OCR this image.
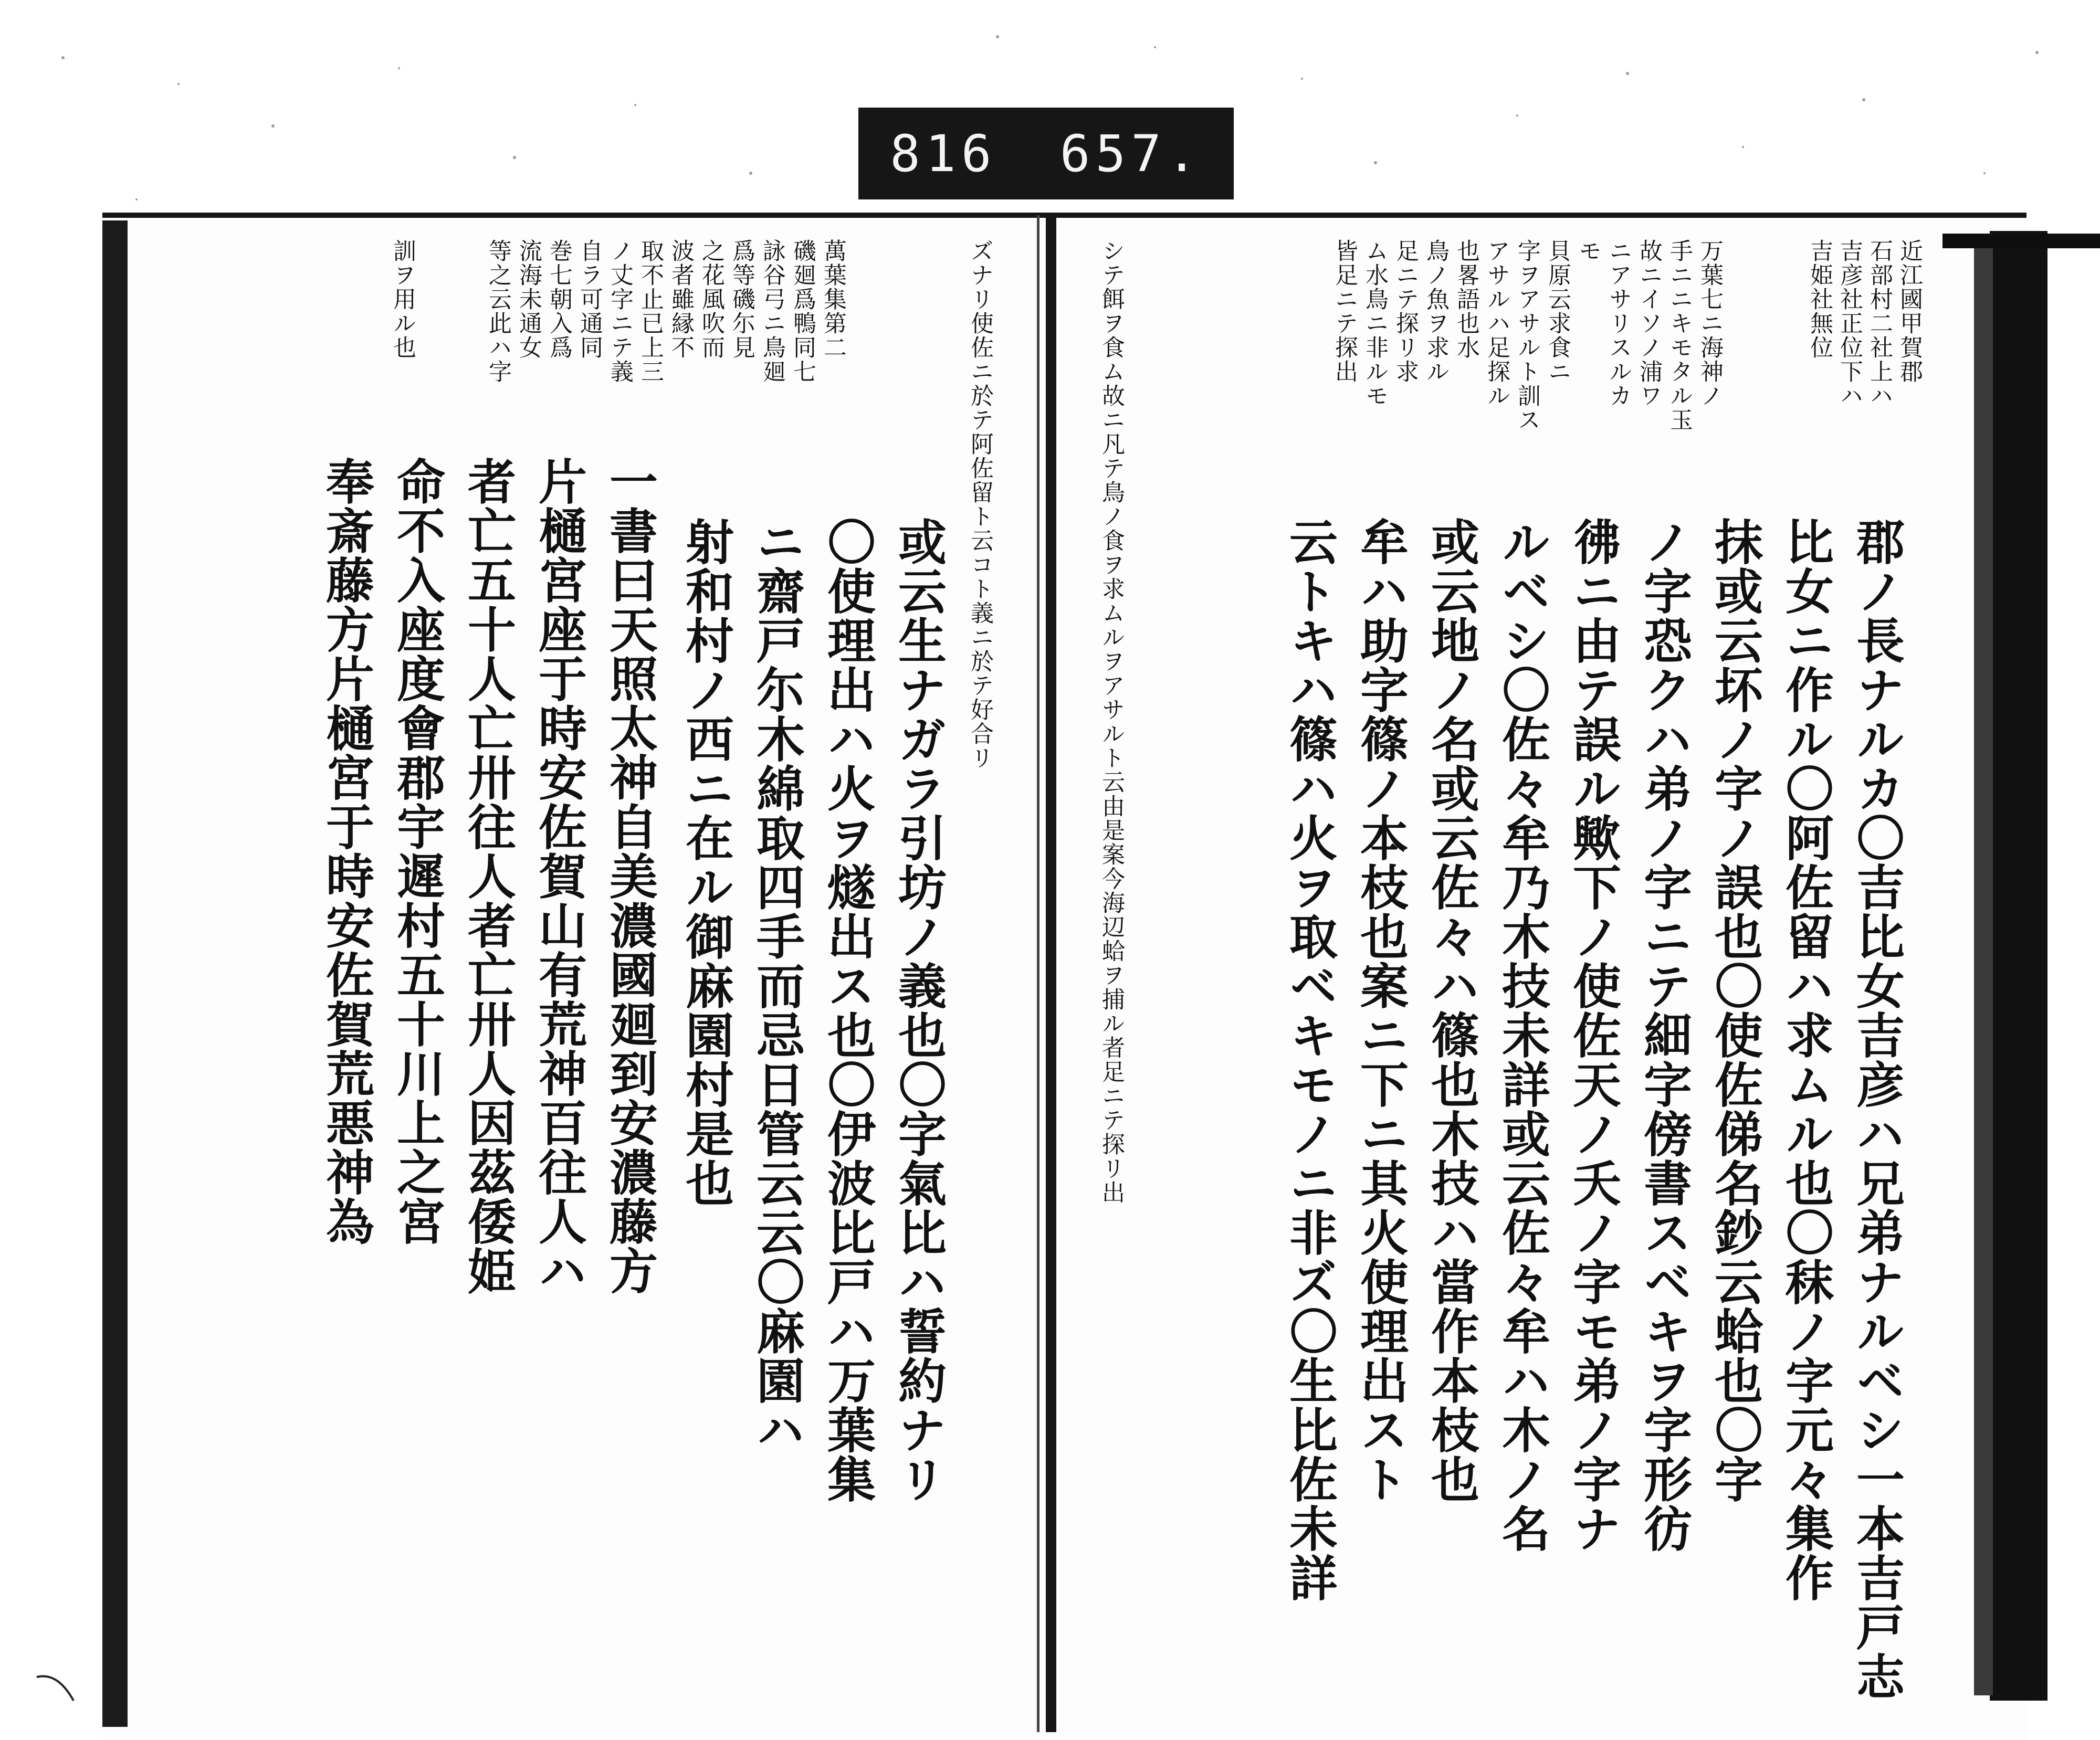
816 657.
近江國甲賀郡
石部村二社上ハ
吉彦社正位下ハ
吉姫社無位
万葉七ニ海神ノ
手ニニキモタル玉
故ニイソノ浦ワ
ニアサリスルカ
モ
貝原云求食ニ
字ヲアサルト訓ス
アサルハ足探ル
也畧語也水
鳥ノ魚ヲ求ル
足ニテ探リ求
ム水鳥ニ非ルモ
皆足ニテ探出
シテ餌ヲ食ム故ニ凡テ鳥ノ食ヲ求ムルヲアサルト云由是案今海辺蛤ヲ捕ル者足ニテ探リ出	郡ノ長ナルカ〇吉比女吉彦ハ兄弟ナルベシ一本吉戸志
比女ニ作ル〇阿佐留ハ求ムル也〇秣ノ字元々集作
抹或云坏ノ字ノ誤也〇使佐俤名鈔云蛤也〇字
ノ字恐クハ弟ノ字ニテ細字傍書スベキヲ字形彷
彿ニ由テ誤ル歟下ノ使佐天ノ夭ノ字モ弟ノ字ナ
ルベシ〇佐々牟乃木技未詳或云佐々牟ハ木ノ名
或云地ノ名或云佐々ハ篠也木技ハ當作本枝也
牟ハ助字篠ノ本枝也案ニ下ニ其火使理出スト
云トキハ篠ハ火ヲ取ベキモノニ非ズ〇生比佐未詳
ズナリ使佐ニ於テ阿佐留ト云コト義ニ於テ好合リ
萬葉集第二
磯廻爲鴨同七
詠谷弓ニ鳥廻
爲等磯尓見
之花風吹而
波者雖縁不
取不止已上三
ノ丈字ニテ義
自ラ可通同
巻七朝入爲
流海未通女
等之云此ハ字
訓ヲ用ル也
或云生ナガラ引坊ノ義也〇字氣比ハ誓約ナリ
〇使理出ハ火ヲ燧出ス也〇伊波比戸ハ万葉集
ニ齋戸尓木綿取四手而忌日管云云〇麻園ハ
射和村ノ西ニ在ル御麻園村是也
一書曰天照太神自美濃國廻到安濃藤方
片樋宮座于時安佐賀山有荒神百往人ハ
者亡五十人亡卅往人者亡卅人因茲倭姫
命不入座度會郡宇遲村五十川上之宮
奉斎藤方片樋宮于時安佐賀荒悪神為
